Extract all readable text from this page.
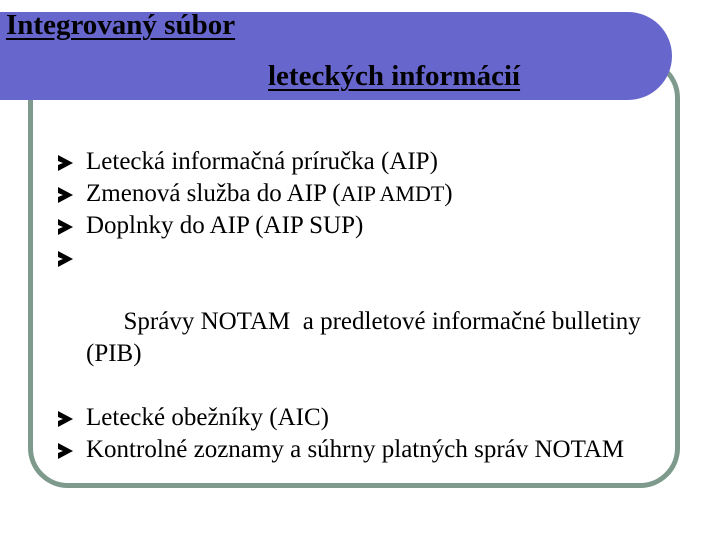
Integrovaný súbor
leteckých informácií
Letecká informačná príručka (AIP)
Zmenová služba do AIP (AIP AMDT)
Doplnky do AIP (AIP SUP)

Správy NOTAM  a predletové informačné bulletiny (PIB)

Letecké obežníky (AIC)
Kontrolné zoznamy a súhrny platných správ NOTAM
